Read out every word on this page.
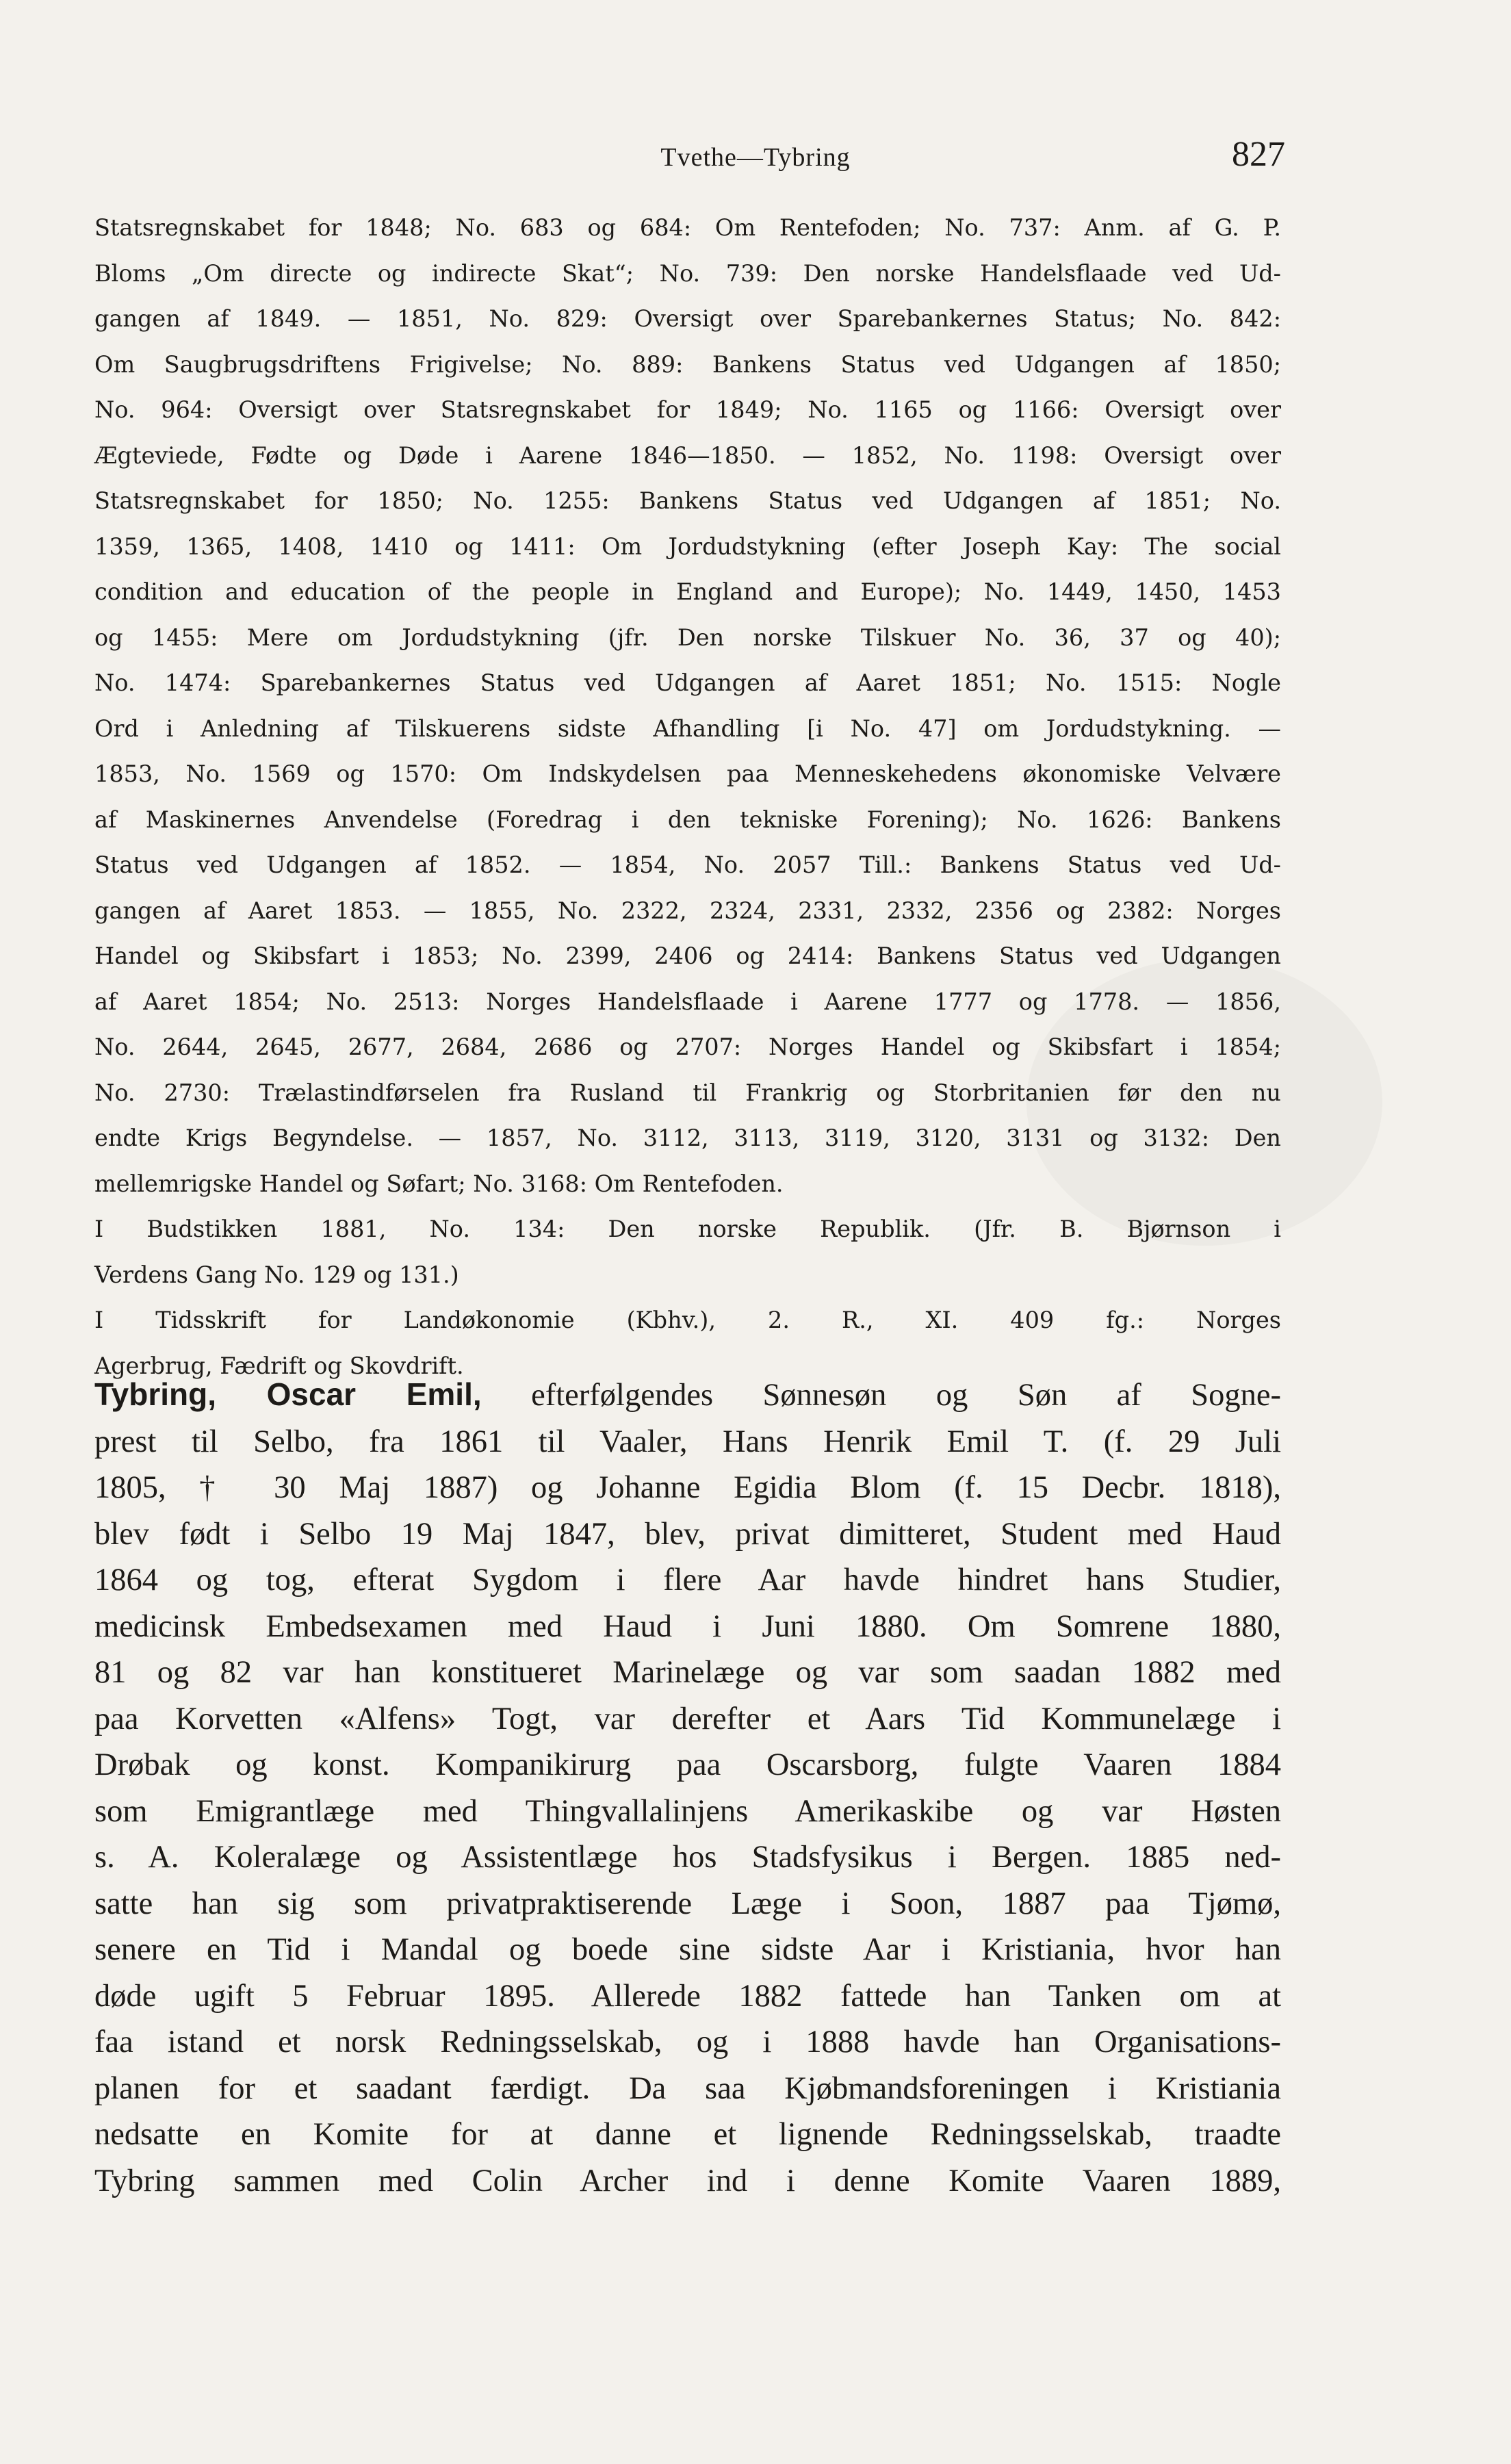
Tvethe—Tybring	827

Statsregnskabet for 1848; No. 683 og 684: Om Rentefoden; No. 737: Anm. af G. P.

Bloms „Om directe og indirecte Skat“; No. 739: Den norske Handelsflaade ved Ud-

gangen af 1849. — 1851, No. 829: Oversigt over Sparebankernes Status; No. 842:

Om Saugbrugsdriftens Frigivelse; No. 889: Bankens Status ved Udgangen af 1850;

No. 964: Oversigt over Statsregnskabet for 1849; No. 1165 og 1166: Oversigt over

Ægteviede, Fødte og Døde i Aarene 1846—1850. — 1852, No. 1198: Oversigt over

Statsregnskabet for 1850; No. 1255: Bankens Status ved Udgangen af 1851; No.

1359, 1365, 1408, 1410 og 1411: Om Jordudstykning (efter Joseph Kay: The social

condition and education of the people in England and Europe); No. 1449, 1450, 1453

og 1455: Mere om Jordudstykning (jfr. Den norske Tilskuer No. 36, 37 og 40);

No. 1474: Sparebankernes Status ved Udgangen af Aaret 1851; No. 1515: Nogle

Ord i Anledning af Tilskuerens sidste Afhandling [i No. 47] om Jordudstykning. —

1853, No. 1569 og 1570: Om Indskydelsen paa Menneskehedens økonomiske Velvære

af Maskinernes Anvendelse (Foredrag i den tekniske Forening); No. 1626: Bankens

Status ved Udgangen af 1852. — 1854, No. 2057 Till.: Bankens Status ved Ud-

gangen af Aaret 1853. — 1855, No. 2322, 2324, 2331, 2332, 2356 og 2382: Norges

Handel og Skibsfart i 1853; No. 2399, 2406 og 2414: Bankens Status ved Udgangen

af Aaret 1854; No. 2513: Norges Handelsflaade i Aarene 1777 og 1778. — 1856,

No. 2644, 2645, 2677, 2684, 2686 og 2707: Norges Handel og Skibsfart i 1854;

No. 2730: Trælastindførselen fra Rusland til Frankrig og Storbritanien før den nu

endte Krigs Begyndelse. — 1857, No. 3112, 3113, 3119, 3120, 3131 og 3132: Den

mellemrigske Handel og Søfart; No. 3168: Om Rentefoden.

I Budstikken 1881, No. 134: Den norske Republik. (Jfr. B. Bjørnson i

Verdens Gang No. 129 og 131.)

I Tidsskrift for Landøkonomie (Kbhv.), 2. R., XI. 409 fg.: Norges

Agerbrug, Fædrift og Skovdrift.

Tybring, Oscar Emil, efterfølgendes Sønnesøn og Søn af Sogne-

prest til Selbo, fra 1861 til Vaaler, Hans Henrik Emil T. (f. 29 Juli

1805, † 30 Maj 1887) og Johanne Egidia Blom (f. 15 Decbr. 1818),

blev født i Selbo 19 Maj 1847, blev, privat dimitteret, Student med Haud

1864 og tog, efterat Sygdom i flere Aar havde hindret hans Studier,

medicinsk Embedsexamen med Haud i Juni 1880. Om Somrene 1880,

81 og 82 var han konstitueret Marinelæge og var som saadan 1882 med

paa Korvetten «Alfens» Togt, var derefter et Aars Tid Kommunelæge i

Drøbak og konst. Kompanikirurg paa Oscarsborg, fulgte Vaaren 1884

som Emigrantlæge med Thingvallalinjens Amerikaskibe og var Høsten

s. A. Koleralæge og Assistentlæge hos Stadsfysikus i Bergen. 1885 ned-

satte han sig som privatpraktiserende Læge i Soon, 1887 paa Tjømø,

senere en Tid i Mandal og boede sine sidste Aar i Kristiania, hvor han

døde ugift 5 Februar 1895. Allerede 1882 fattede han Tanken om at

faa istand et norsk Redningsselskab, og i 1888 havde han Organisations-

planen for et saadant færdigt. Da saa Kjøbmandsforeningen i Kristiania

nedsatte en Komite for at danne et lignende Redningsselskab, traadte

Tybring sammen med Colin Archer ind i denne Komite Vaaren 1889,
